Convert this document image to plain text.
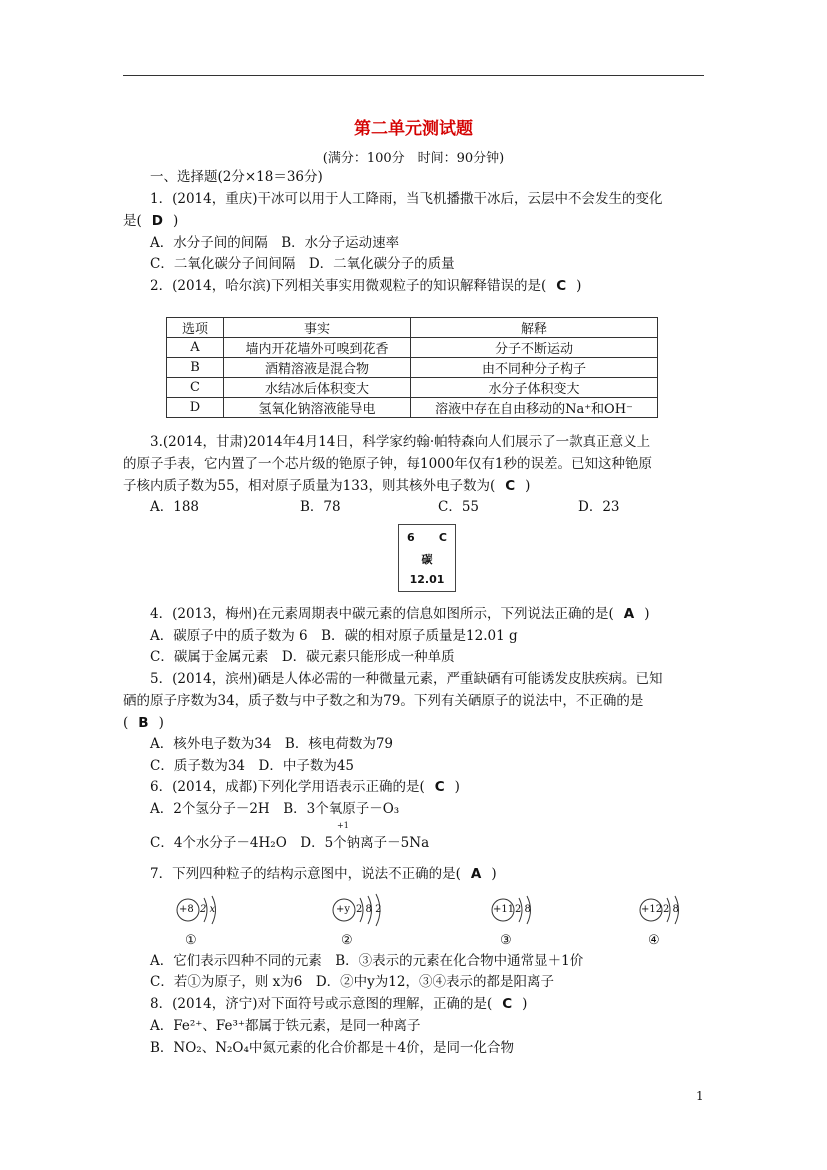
第二单元测试题
(满分：100分　时间：90分钟)
一、选择题(2分×18＝36分)
1．(2014，重庆)干冰可以用于人工降雨，当飞机播撒干冰后，云层中不会发生的变化
是( D )
A．水分子间的间隔　B．水分子运动速率
C．二氧化碳分子间间隔　D．二氧化碳分子的质量
2．(2014，哈尔滨)下列相关事实用微观粒子的知识解释错误的是( C )
选项	事实	解释
A	墙内开花墙外可嗅到花香	分子不断运动
B	酒精溶液是混合物	由不同种分子构子
C	水结冰后体积变大	水分子体积变大
D	氢氧化钠溶液能导电	溶液中存在自由移动的Na⁺和OH⁻
3.(2014，甘肃)2014年4月14日，科学家约翰·帕特森向人们展示了一款真正意义上
的原子手表，它内置了一个芯片级的铯原子钟，每1000年仅有1秒的误差。已知这种铯原
子核内质子数为55，相对原子质量为133，则其核外电子数为( C )
A．188	B．78	C．55	D．23
6 C
碳
12.01
4．(2013，梅州)在元素周期表中碳元素的信息如图所示，下列说法正确的是( A )
A．碳原子中的质子数为 6　B．碳的相对原子质量是12.01 g
C．碳属于金属元素　D．碳元素只能形成一种单质
5．(2014，滨州)硒是人体必需的一种微量元素，严重缺硒有可能诱发皮肤疾病。已知
硒的原子序数为34，质子数与中子数之和为79。下列有关硒原子的说法中，不正确的是
( B )
A．核外电子数为34　B．核电荷数为79
C．质子数为34　D．中子数为45
6．(2014，成都)下列化学用语表示正确的是( C )
A．2个氢分子－2H　B．3个氧原子－O₃
C．4个水分子－4H₂O　D．5个钠离子－5Na
+1
7．下列四种粒子的结构示意图中，说法不正确的是( A )
+8 2 x
①
+y 2 8 2
②
+11 2 8
③
+12 2 8
④
A．它们表示四种不同的元素　B．③表示的元素在化合物中通常显＋1价
C．若①为原子，则 x为6　D．②中y为12，③④表示的都是阳离子
8．(2014，济宁)对下面符号或示意图的理解，正确的是( C )
A．Fe²⁺、Fe³⁺都属于铁元素，是同一种离子
B．NO₂、N₂O₄中氮元素的化合价都是＋4价，是同一化合物
1
